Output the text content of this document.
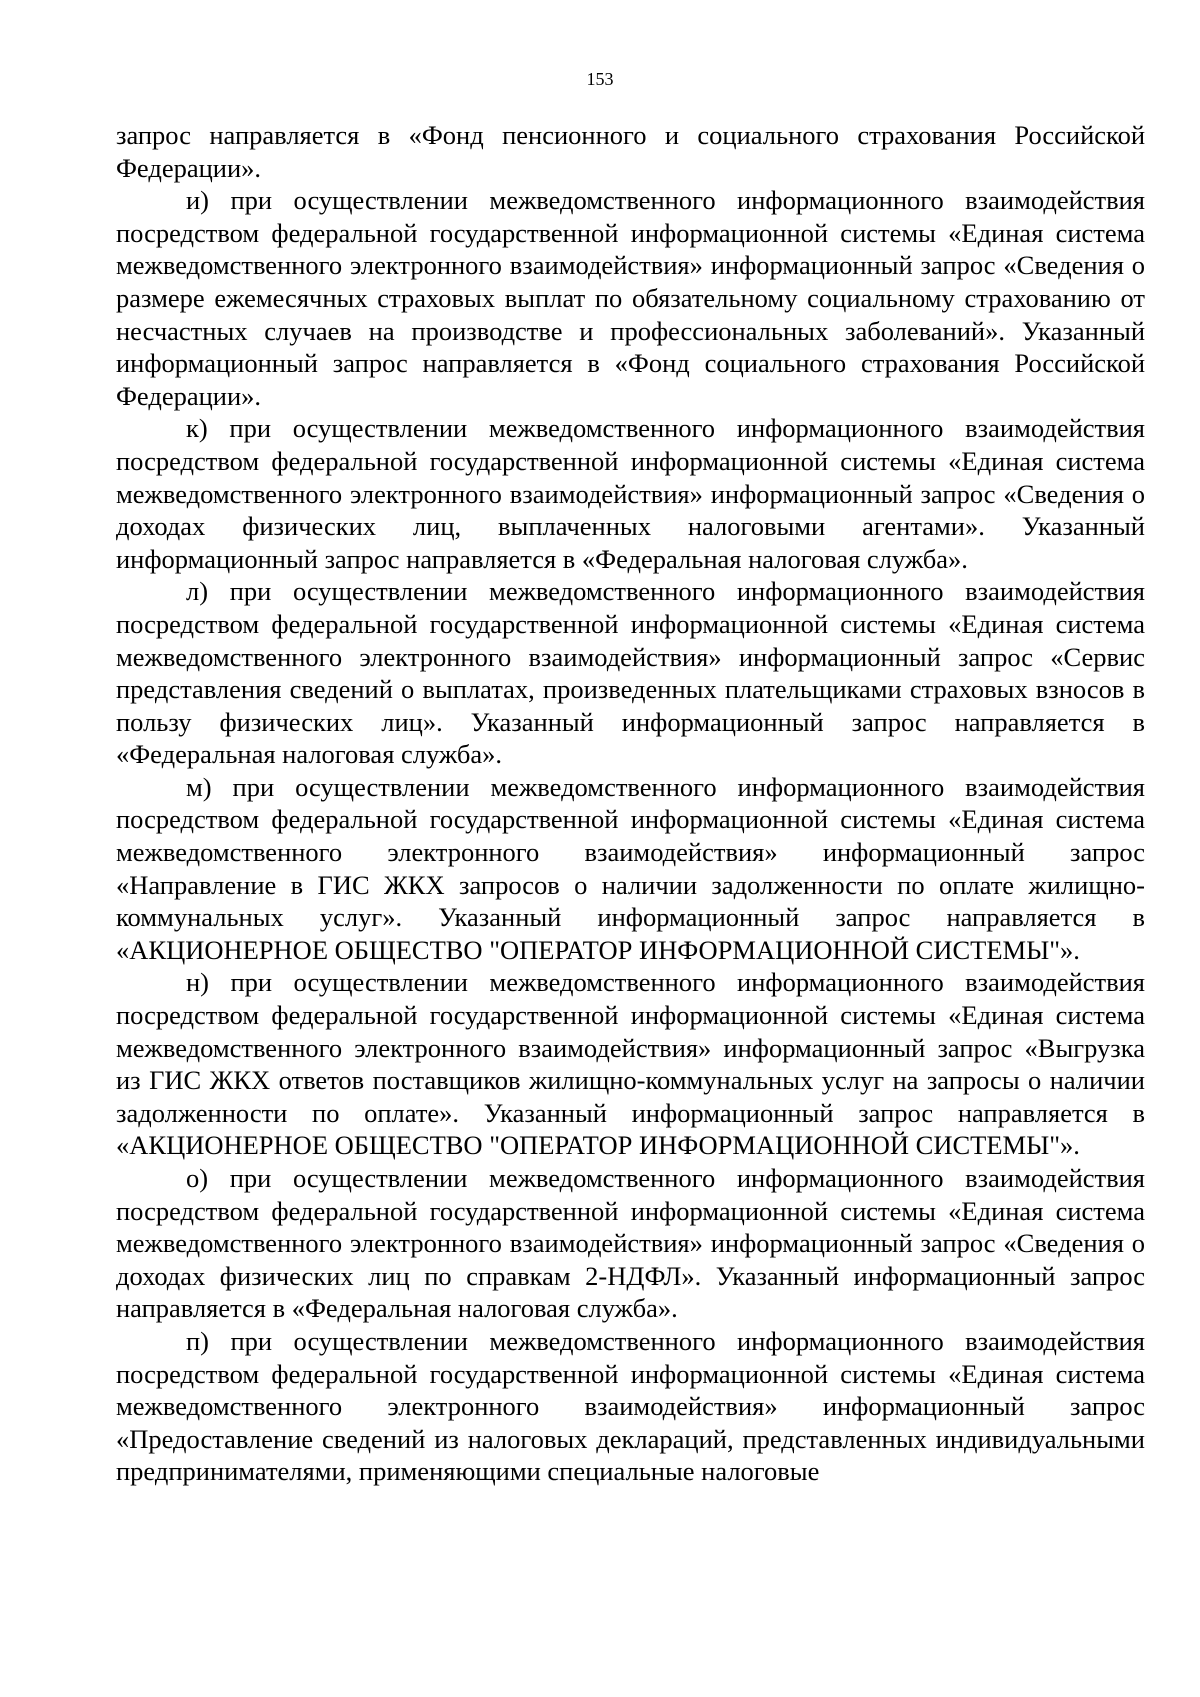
153

запрос направляется в «Фонд пенсионного и социального страхования Российской Федерации».

и) при осуществлении межведомственного информационного взаимодействия посредством федеральной государственной информационной системы «Единая система межведомственного электронного взаимодействия» информационный запрос «Сведения о размере ежемесячных страховых выплат по обязательному социальному страхованию от несчастных случаев на производстве и профессиональных заболеваний». Указанный информационный запрос направляется в «Фонд социального страхования Российской Федерации».

к) при осуществлении межведомственного информационного взаимодействия посредством федеральной государственной информационной системы «Единая система межведомственного электронного взаимодействия» информационный запрос «Сведения о доходах физических лиц, выплаченных налоговыми агентами». Указанный информационный запрос направляется в «Федеральная налоговая служба».

л) при осуществлении межведомственного информационного взаимодействия посредством федеральной государственной информационной системы «Единая система межведомственного электронного взаимодействия» информационный запрос «Сервис представления сведений о выплатах, произведенных плательщиками страховых взносов в пользу физических лиц». Указанный информационный запрос направляется в «Федеральная налоговая служба».

м) при осуществлении межведомственного информационного взаимодействия посредством федеральной государственной информационной системы «Единая система межведомственного электронного взаимодействия» информационный запрос «Направление в ГИС ЖКХ запросов о наличии задолженности по оплате жилищно-коммунальных услуг». Указанный информационный запрос направляется в «АКЦИОНЕРНОЕ ОБЩЕСТВО "ОПЕРАТОР ИНФОРМАЦИОННОЙ СИСТЕМЫ"».

н) при осуществлении межведомственного информационного взаимодействия посредством федеральной государственной информационной системы «Единая система межведомственного электронного взаимодействия» информационный запрос «Выгрузка из ГИС ЖКХ ответов поставщиков жилищно-коммунальных услуг на запросы о наличии задолженности по оплате». Указанный информационный запрос направляется в «АКЦИОНЕРНОЕ ОБЩЕСТВО "ОПЕРАТОР ИНФОРМАЦИОННОЙ СИСТЕМЫ"».

о) при осуществлении межведомственного информационного взаимодействия посредством федеральной государственной информационной системы «Единая система межведомственного электронного взаимодействия» информационный запрос «Сведения о доходах физических лиц по справкам 2-НДФЛ». Указанный информационный запрос направляется в «Федеральная налоговая служба».

п) при осуществлении межведомственного информационного взаимодействия посредством федеральной государственной информационной системы «Единая система межведомственного электронного взаимодействия» информационный запрос «Предоставление сведений из налоговых деклараций, представленных индивидуальными предпринимателями, применяющими специальные налоговые
